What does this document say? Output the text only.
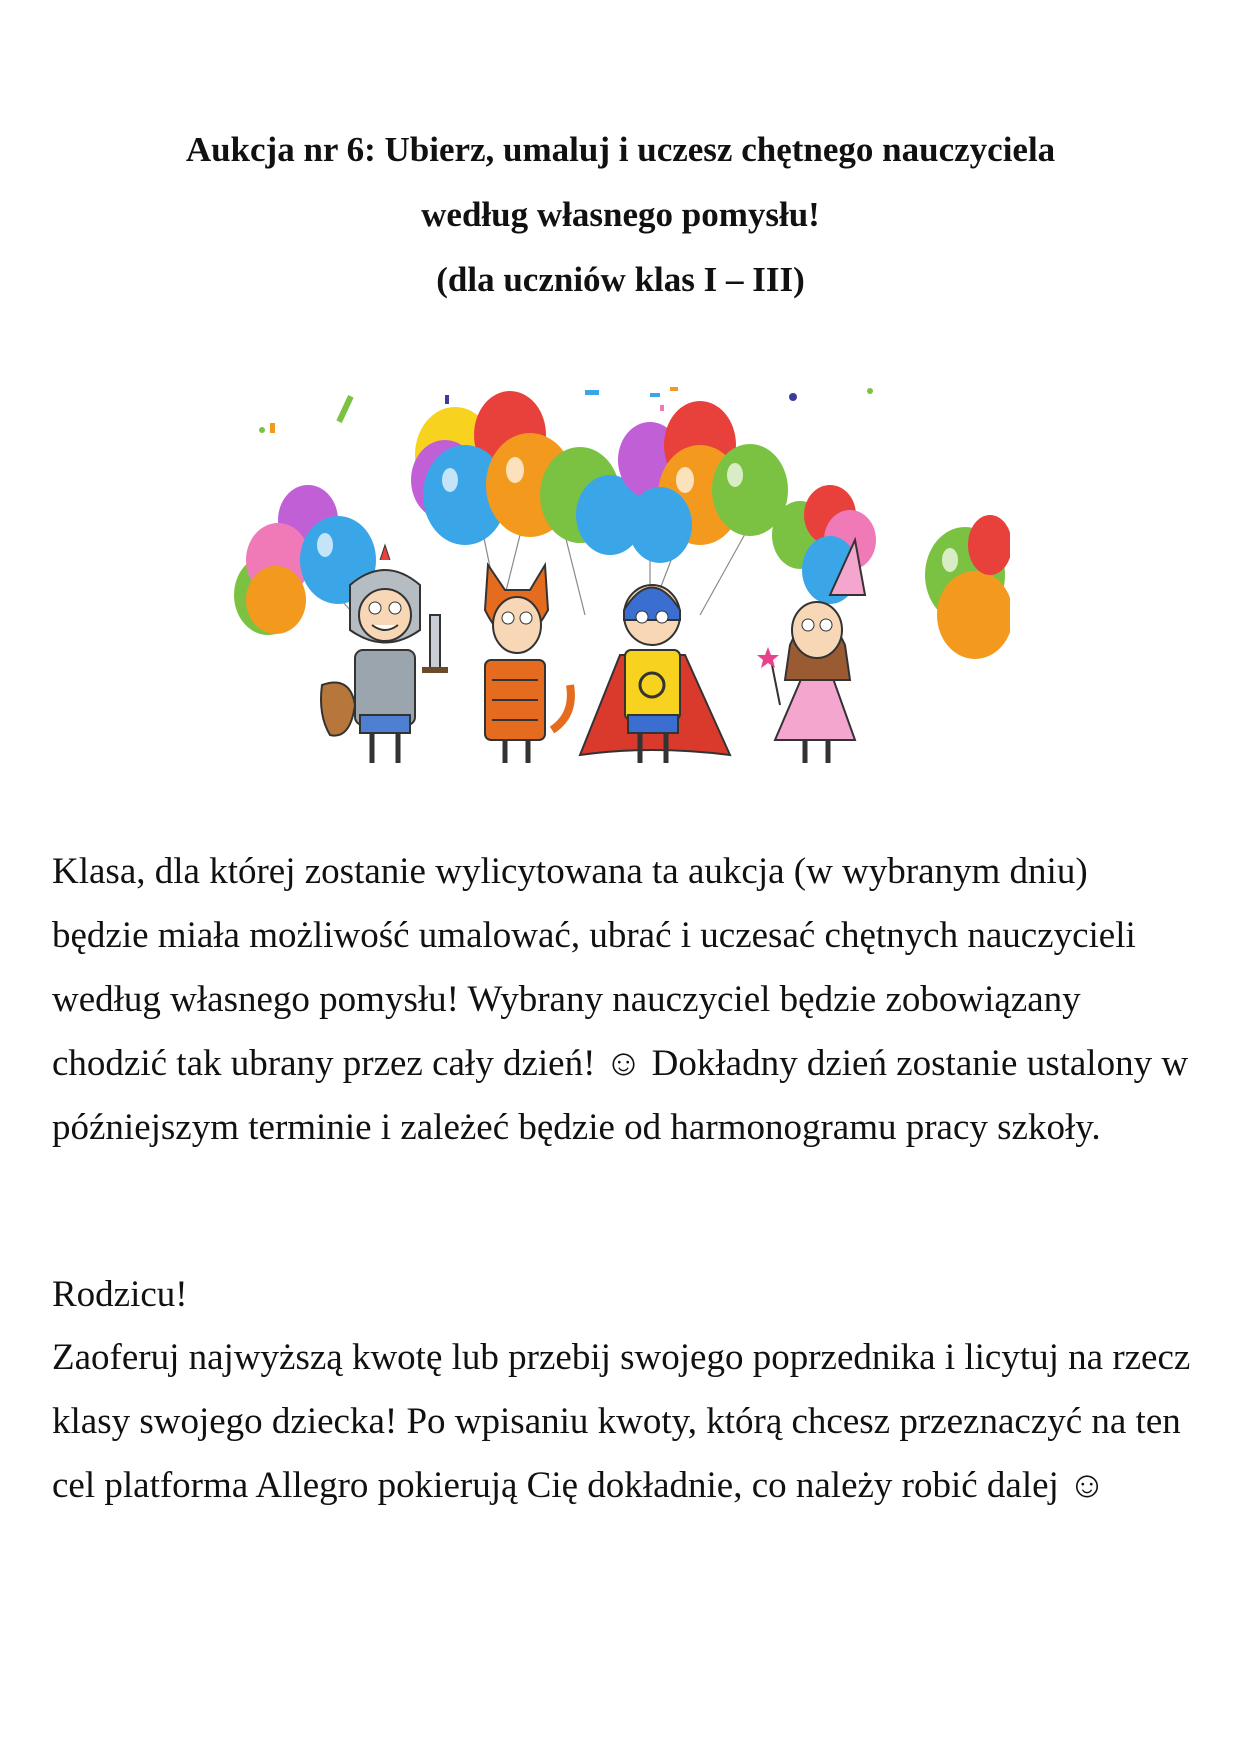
Aukcja nr 6: Ubierz, umaluj i uczesz chętnego nauczyciela
według własnego pomysłu!
(dla uczniów klas I – III)

Klasa, dla której zostanie wylicytowana ta aukcja (w wybranym dniu) będzie miała możliwość umalować, ubrać i uczesać chętnych nauczycieli według własnego pomysłu! Wybrany nauczyciel będzie zobowiązany chodzić tak ubrany przez cały dzień! ☺ Dokładny dzień zostanie ustalony w późniejszym terminie i zależeć będzie od harmonogramu pracy szkoły.

Rodzicu!

Zaoferuj najwyższą kwotę lub przebij swojego poprzednika i licytuj na rzecz klasy swojego dziecka! Po wpisaniu kwoty, którą chcesz przeznaczyć na ten cel platforma Allegro pokierują Cię dokładnie, co należy robić dalej ☺
